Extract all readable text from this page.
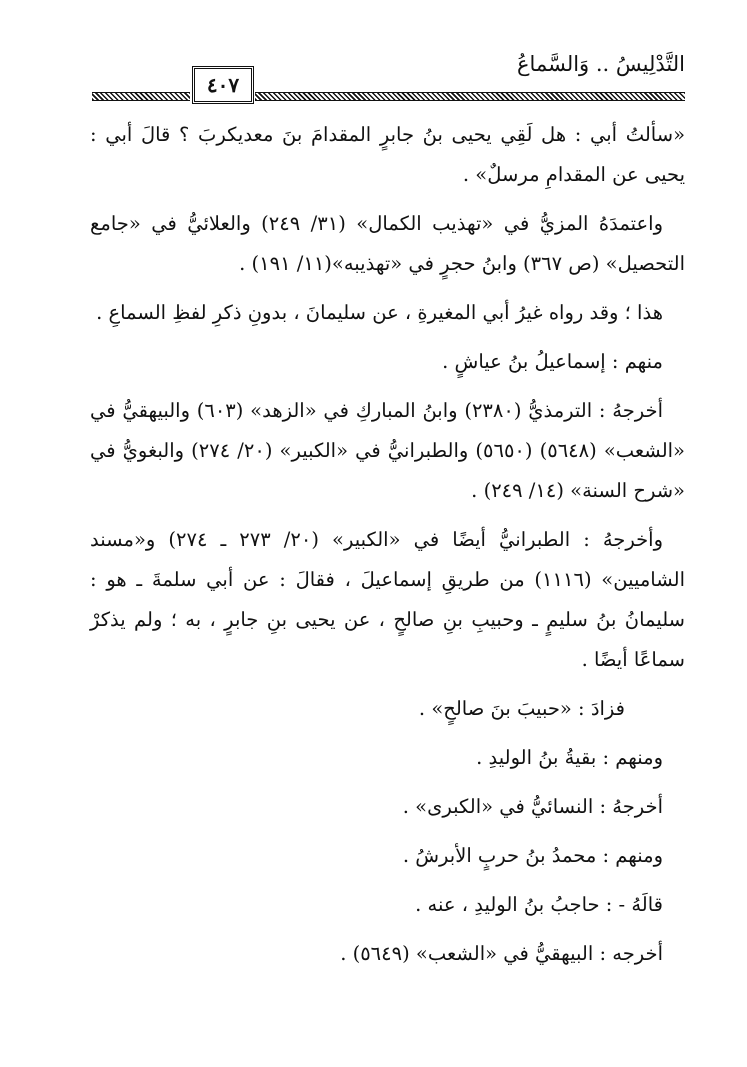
التَّدْلِيسُ .. وَالسَّماعُ
٤٠٧

«سألتُ أبي : هل لَقِي يحيى بنُ جابرٍ المقدامَ بنَ معديكربَ ؟ قالَ أبي : يحيى عن المقدامِ مرسلٌ» .

واعتمدَهُ المزيُّ في «تهذيب الكمال» (٣١/ ٢٤٩) والعلائيُّ في «جامع التحصيل» (ص ٣٦٧) وابنُ حجرٍ في «تهذيبه»(١١/ ١٩١) .

هذا ؛ وقد رواه غيرُ أبي المغيرةِ ، عن سليمانَ ، بدونِ ذكرِ لفظِ السماعِ .

منهم : إسماعيلُ بنُ عياشٍ .

أخرجهُ : الترمذيُّ (٢٣٨٠) وابنُ المباركِ في «الزهد» (٦٠٣) والبيهقيُّ في «الشعب» (٥٦٤٨) (٥٦٥٠) والطبرانيُّ في «الكبير» (٢٠/ ٢٧٤) والبغويُّ في «شرح السنة» (١٤/ ٢٤٩) .

وأخرجهُ : الطبرانيُّ أيضًا في «الكبير» (٢٠/ ٢٧٣ ـ ٢٧٤) و«مسند الشاميين» (١١١٦) من طريقِ إسماعيلَ ، فقالَ : عن أبي سلمةَ ـ هو : سليمانُ بنُ سليمٍ ـ وحبيبِ بنِ صالحٍ ، عن يحيى بنِ جابرٍ ، به ؛ ولم يذكرْ سماعًا أيضًا .

فزادَ : «حبيبَ بنَ صالحٍ» .

ومنهم : بقيةُ بنُ الوليدِ .

أخرجهُ : النسائيُّ في «الكبرى» .

ومنهم : محمدُ بنُ حربٍ الأبرشُ .

قالَهُ - : حاجبُ بنُ الوليدِ ، عنه .

أخرجه : البيهقيُّ في «الشعب» (٥٦٤٩) .
